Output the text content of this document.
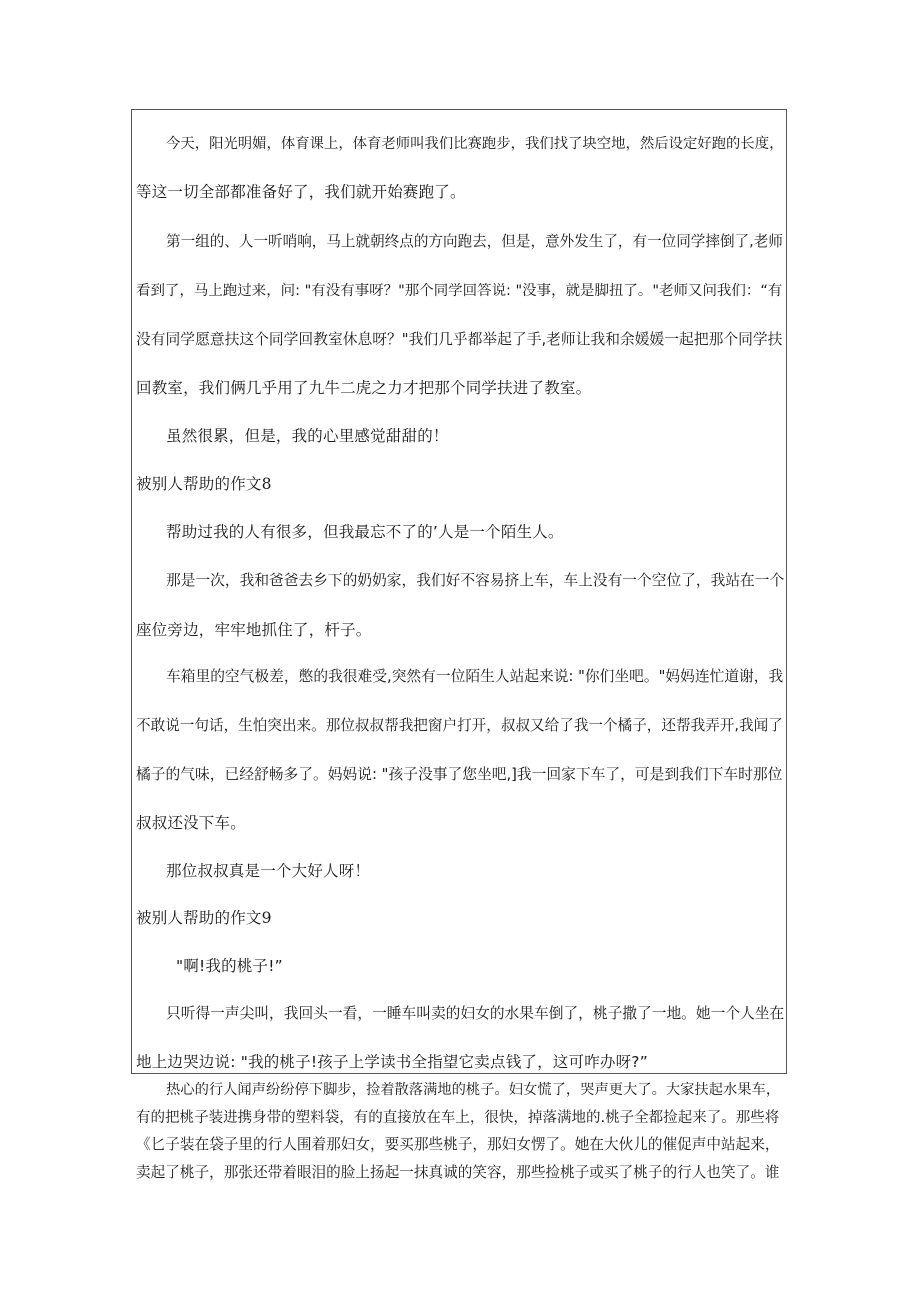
今天，阳光明媚，体育课上，体育老师叫我们比赛跑步，我们找了块空地，然后设定好跑的长度，
等这一切全部都准备好了，我们就开始赛跑了。
第一组的、人一听哨响，马上就朝终点的方向跑去，但是，意外发生了，有一位同学摔倒了,老师
看到了，马上跑过来，问: "有没有事呀？"那个同学回答说: "没事，就是脚扭了。"老师又问我们：“有
没有同学愿意扶这个同学回教室休息呀？"我们几乎都举起了手,老师让我和余媛媛一起把那个同学扶
回教室，我们俩几乎用了九牛二虎之力才把那个同学扶进了教室。
虽然很累，但是，我的心里感觉甜甜的！
被别人帮助的作文8
帮助过我的人有很多，但我最忘不了的’人是一个陌生人。
那是一次，我和爸爸去乡下的奶奶家，我们好不容易挤上车，车上没有一个空位了，我站在一个
座位旁边，牢牢地抓住了，杆子。
车箱里的空气极差，憋的我很难受,突然有一位陌生人站起来说: "你们坐吧。"妈妈连忙道谢，我
不敢说一句话，生怕突出来。那位叔叔帮我把窗户打开，叔叔又给了我一个橘子，还帮我弄开,我闻了
橘子的气味，已经舒畅多了。妈妈说: "孩子没事了您坐吧,]我一回家下车了，可是到我们下车时那位
叔叔还没下车。
那位叔叔真是一个大好人呀！
被别人帮助的作文9
"啊!我的桃子!”
只听得一声尖叫，我回头一看，一睡车叫卖的妇女的水果车倒了，桃子撒了一地。她一个人坐在
地上边哭边说: "我的桃子!孩子上学读书全指望它卖点钱了，这可咋办呀?”
热心的行人闻声纷纷停下脚步，捡着散落满地的桃子。妇女慌了，哭声更大了。大家扶起水果车，
有的把桃子装进携身带的塑料袋，有的直接放在车上，很快，掉落满地的.桃子全都捡起来了。那些将
《匕子装在袋子里的行人围着那妇女，要买那些桃子，那妇女愣了。她在大伙儿的催促声中站起来，
卖起了桃子，那张还带着眼泪的脸上扬起一抹真诚的笑容，那些捡桃子或买了桃子的行人也笑了。谁
